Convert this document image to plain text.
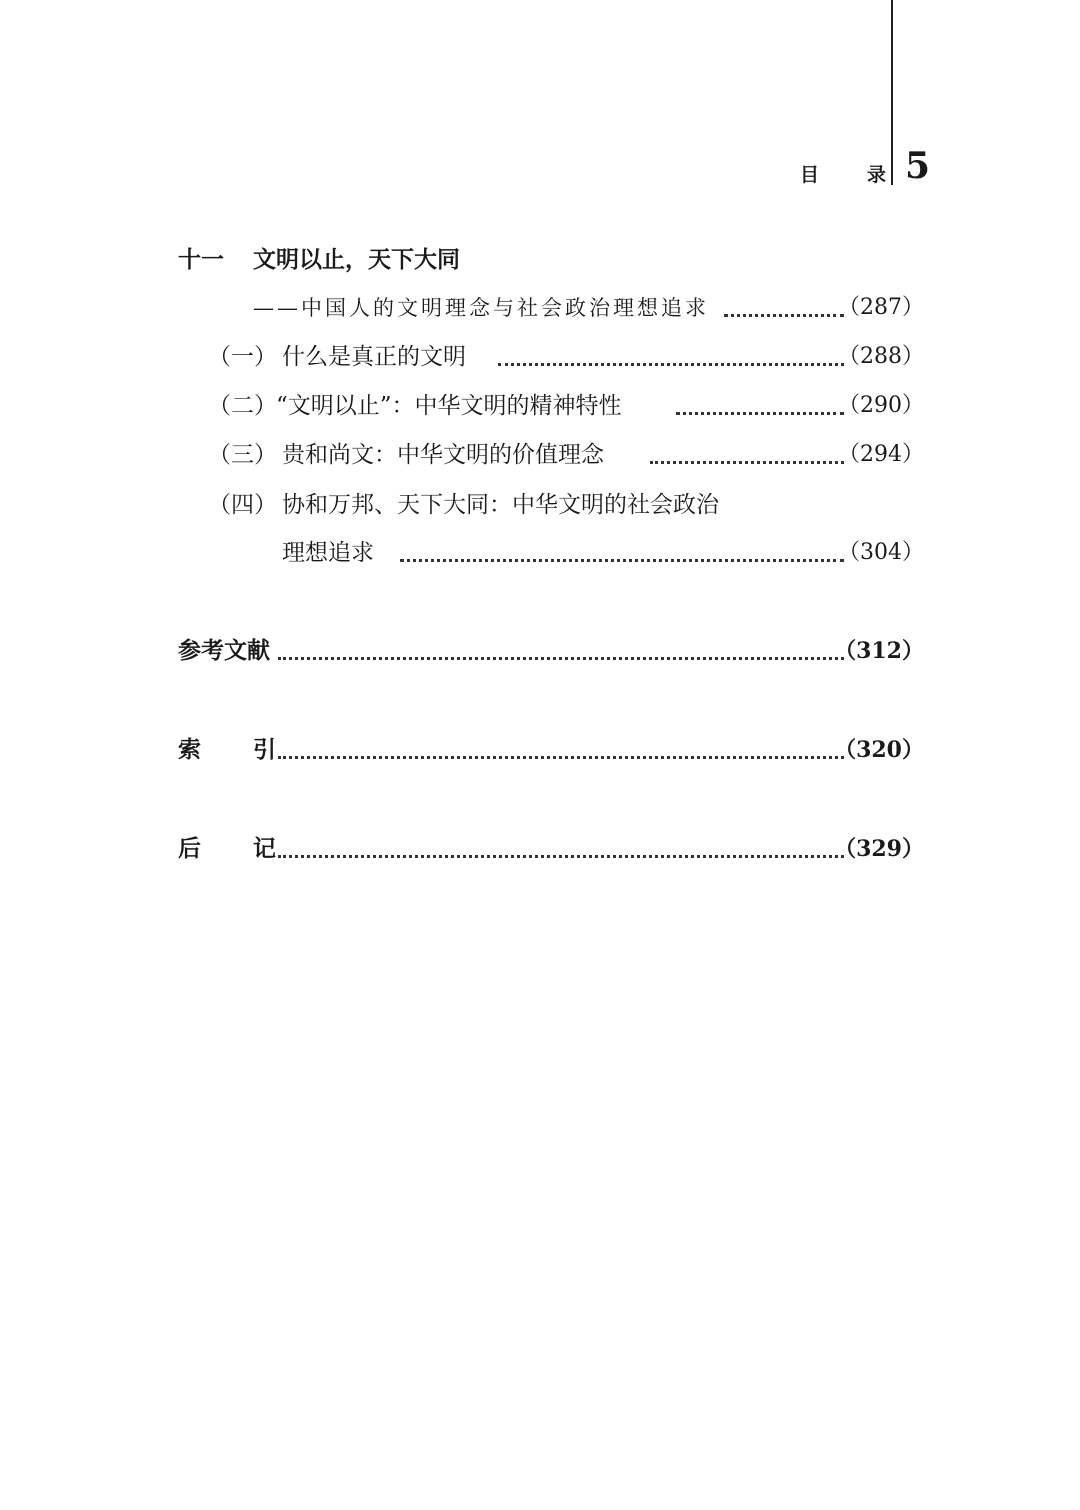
目	录 5
十一 文明以止，天下大同
——中国人的文明理念与社会政治理想追求	（287）
（一） 什么是真正的文明	（288）
（二） “文明以止”：中华文明的精神特性	（290）
（三） 贵和尚文：中华文明的价值理念	（294）
（四） 协和万邦、天下大同：中华文明的社会政治
理想追求	（304）
参考文献	（312）
索 引	（320）
后 记	（329）
